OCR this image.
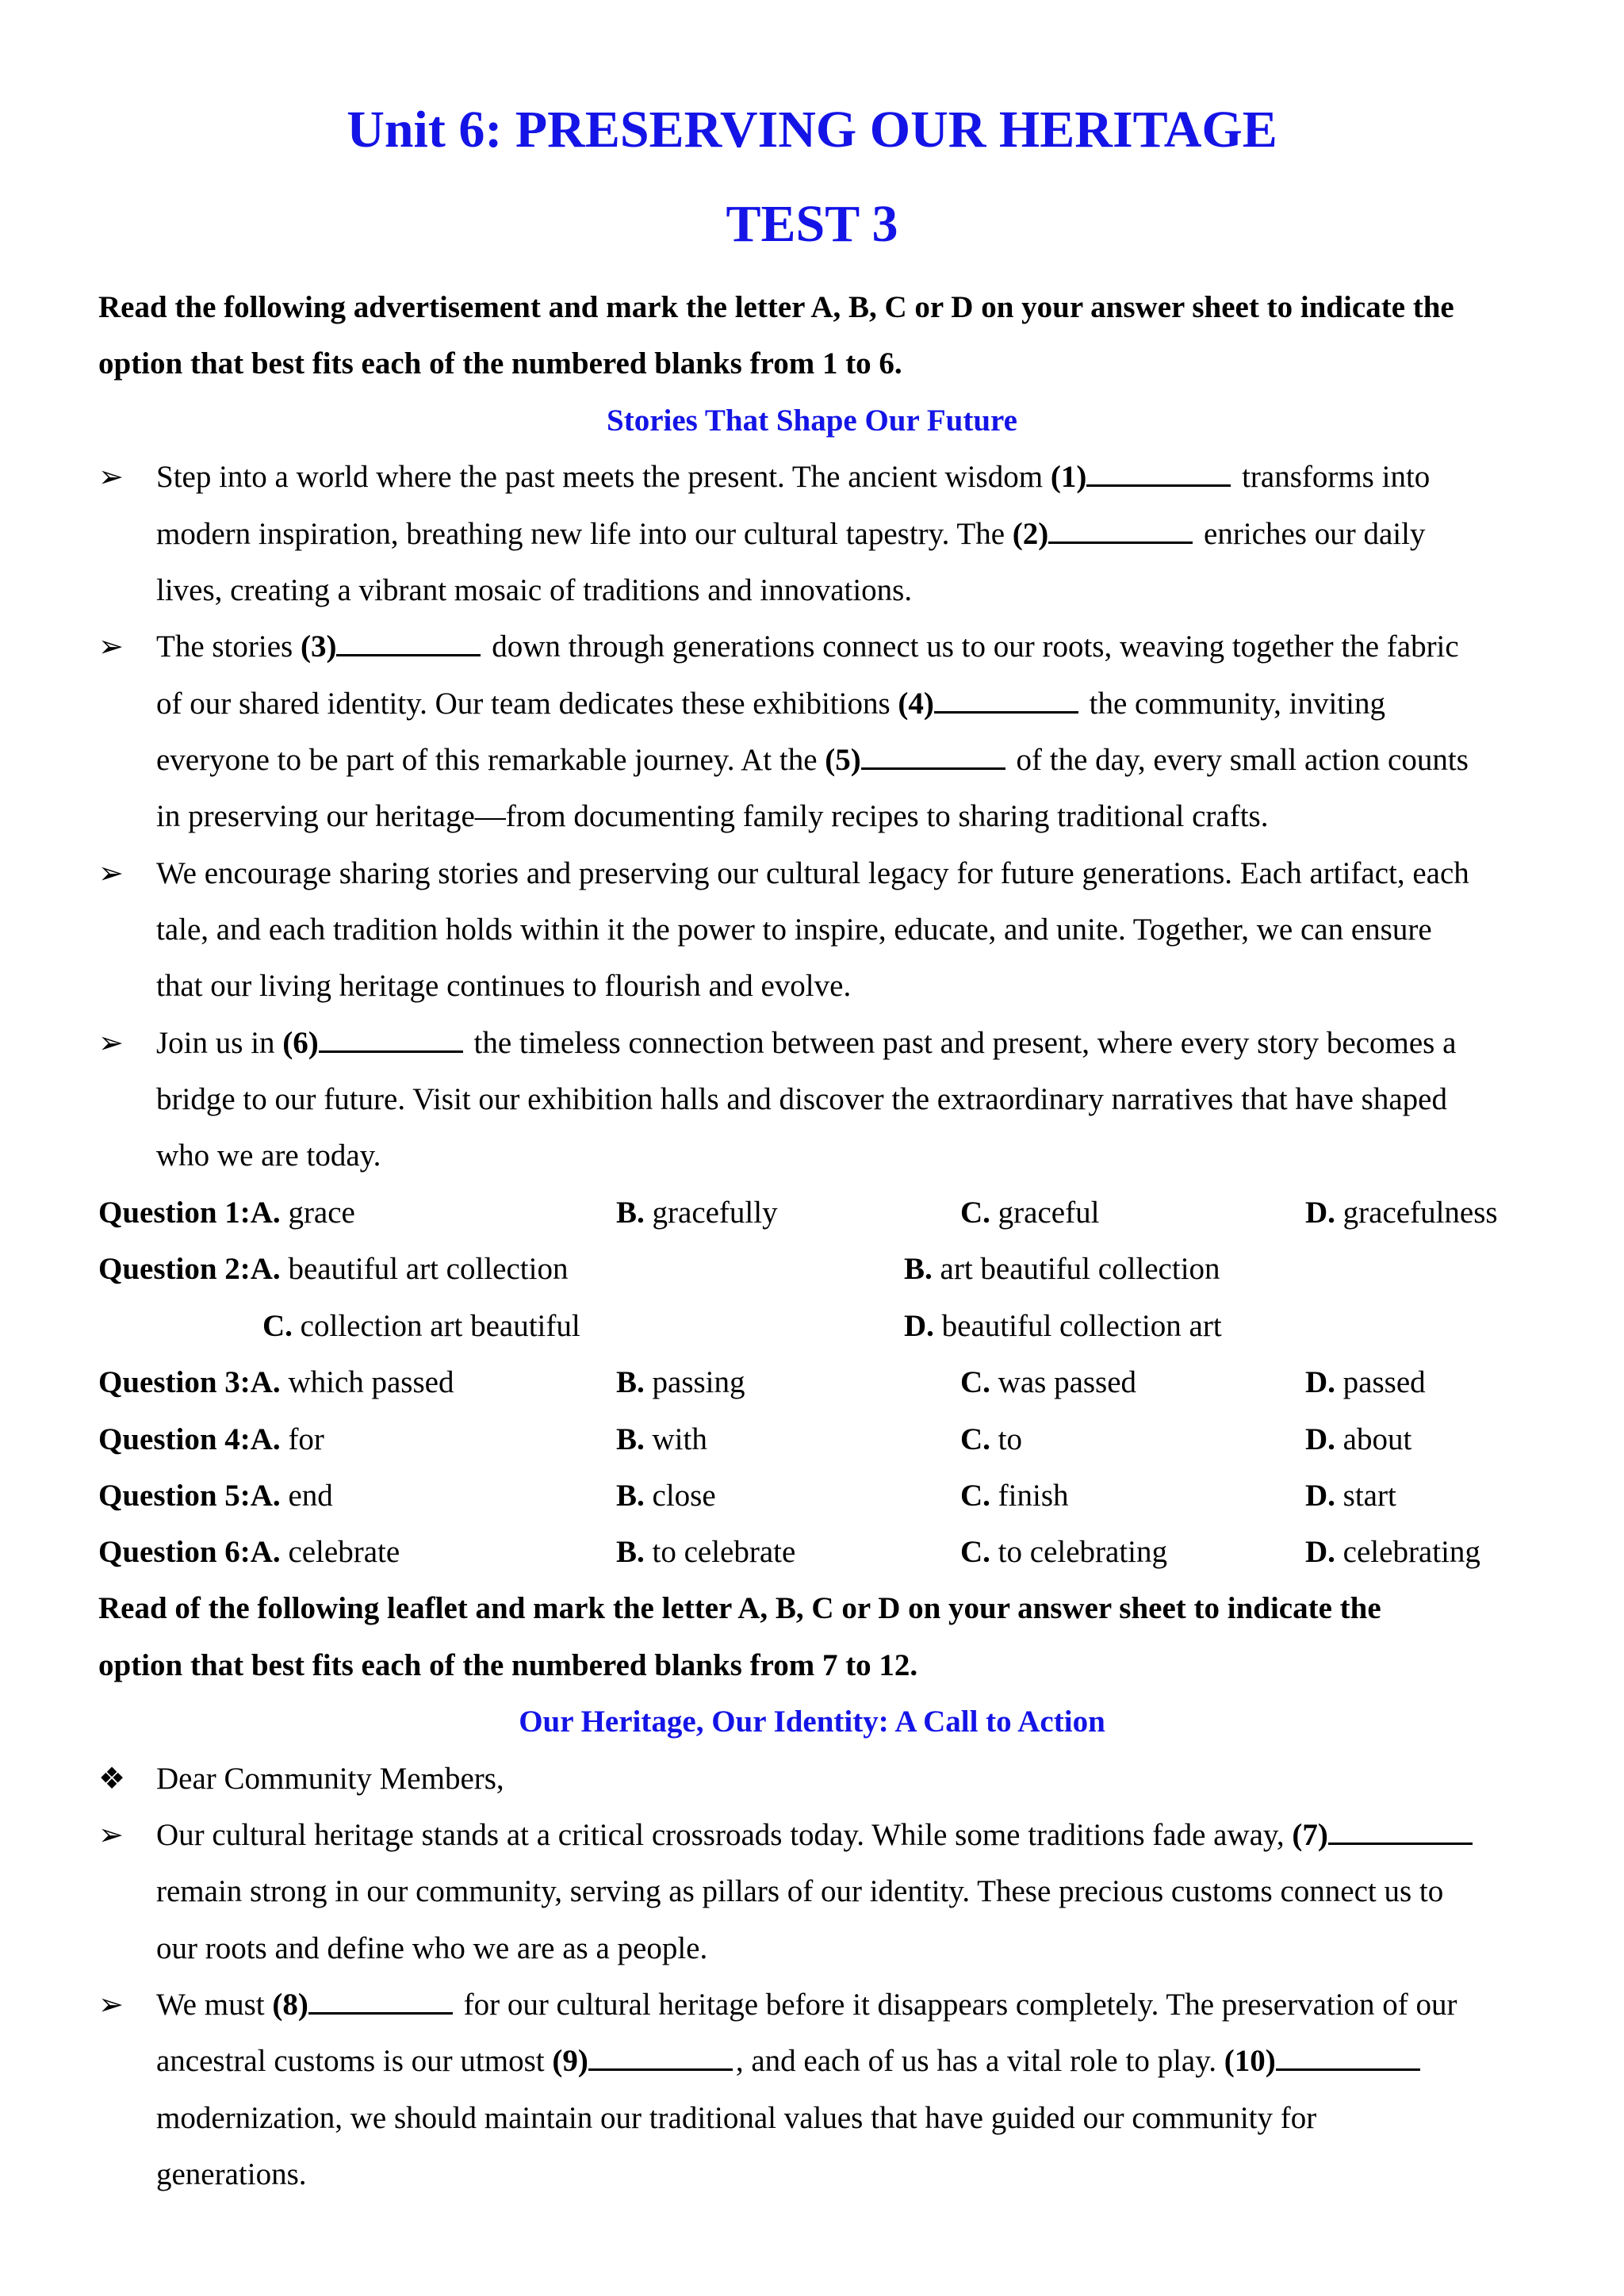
Unit 6: PRESERVING OUR HERITAGE
TEST 3
Read the following advertisement and mark the letter A, B, C or D on your answer sheet to indicate the
option that best fits each of the numbered blanks from 1 to 6.
Stories That Shape Our Future
➢ Step into a world where the past meets the present. The ancient wisdom (1)	transforms into
modern inspiration, breathing new life into our cultural tapestry. The (2)	enriches our daily
lives, creating a vibrant mosaic of traditions and innovations.
➢ The stories (3)	down through generations connect us to our roots, weaving together the fabric
of our shared identity. Our team dedicates these exhibitions (4)	the community, inviting
everyone to be part of this remarkable journey. At the (5)	of the day, every small action counts
in preserving our heritage—from documenting family recipes to sharing traditional crafts.
➢ We encourage sharing stories and preserving our cultural legacy for future generations. Each artifact, each
tale, and each tradition holds within it the power to inspire, educate, and unite. Together, we can ensure
that our living heritage continues to flourish and evolve.
➢ Join us in (6)	the timeless connection between past and present, where every story becomes a
bridge to our future. Visit our exhibition halls and discover the extraordinary narratives that have shaped
who we are today.
Question 1:A. grace	B. gracefully	C. graceful	D. gracefulness
Question 2:A. beautiful art collection	B. art beautiful collection
C. collection art beautiful	D. beautiful collection art
Question 3:A. which passed	B. passing	C. was passed	D. passed
Question 4:A. for	B. with	C. to	D. about
Question 5:A. end	B. close	C. finish	D. start
Question 6:A. celebrate	B. to celebrate	C. to celebrating	D. celebrating
Read of the following leaflet and mark the letter A, B, C or D on your answer sheet to indicate the
option that best fits each of the numbered blanks from 7 to 12.
Our Heritage, Our Identity: A Call to Action
❖ Dear Community Members,
➢ Our cultural heritage stands at a critical crossroads today. While some traditions fade away, (7)
remain strong in our community, serving as pillars of our identity. These precious customs connect us to
our roots and define who we are as a people.
➢ We must (8)	for our cultural heritage before it disappears completely. The preservation of our
ancestral customs is our utmost (9)	, and each of us has a vital role to play. (10)
modernization, we should maintain our traditional values that have guided our community for
generations.
